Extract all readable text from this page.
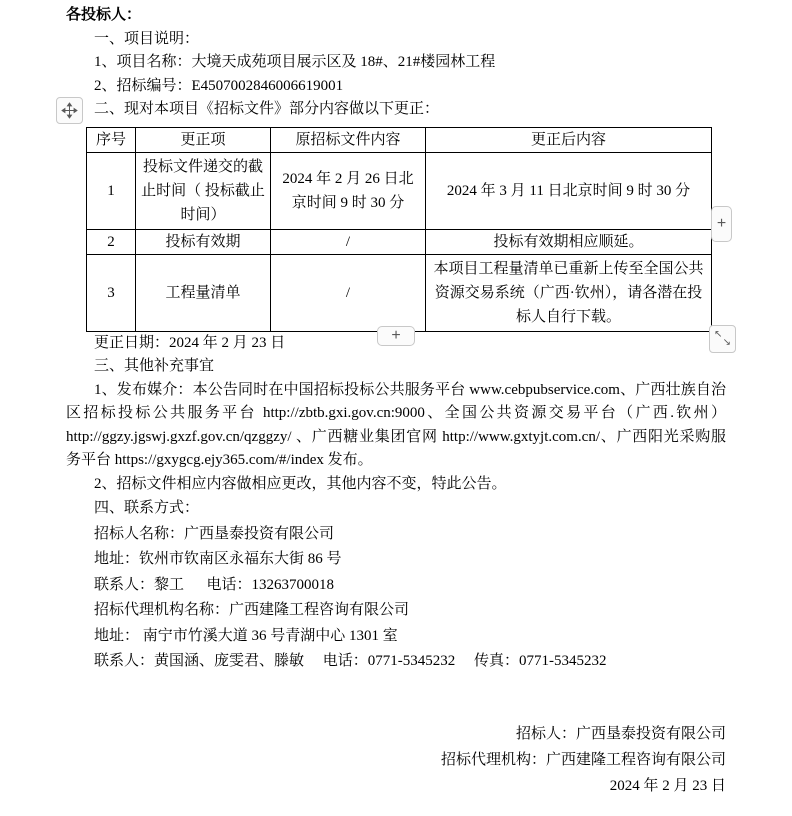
各投标人：

一、项目说明：

1、项目名称：大境天成苑项目展示区及 18#、21#楼园林工程

2、招标编号：E4507002846006619001

二、现对本项目《招标文件》部分内容做以下更正：

序号	更正项	原招标文件内容	更正后内容
1	投标文件递交的截止时间（ 投标截止时间）	2024 年 2 月 26 日北京时间 9 时 30 分	2024 年 3 月 11 日北京时间 9 时 30 分
2	投标有效期	/	投标有效期相应顺延。
3	工程量清单	/	本项目工程量清单已重新上传至全国公共资源交易系统（广西·钦州），请各潜在投标人自行下载。

更正日期：2024 年 2 月 23 日

三、其他补充事宜

1、发布媒介：本公告同时在中国招标投标公共服务平台 www.cebpubservice.com、广西壮族自治区招标投标公共服务平台 http://zbtb.gxi.gov.cn:9000、全国公共资源交易平台（广西.钦州） http://ggzy.jgswj.gxzf.gov.cn/qzggzy/ 、广西糖业集团官网 http://www.gxtyjt.com.cn/、广西阳光采购服务平台 https://gxygcg.ejy365.com/#/index 发布。

2、招标文件相应内容做相应更改，其他内容不变，特此公告。

四、联系方式：

招标人名称：广西垦泰投资有限公司

地址：钦州市钦南区永福东大街 86 号

联系人：黎工      电话：13263700018

招标代理机构名称：广西建隆工程咨询有限公司

地址： 南宁市竹溪大道 36 号青湖中心 1301 室

联系人：黄国涵、庞雯君、滕敏     电话：0771-5345232     传真：0771-5345232

招标人：广西垦泰投资有限公司

招标代理机构：广西建隆工程咨询有限公司

2024 年 2 月 23 日

+
+	↖
↘
